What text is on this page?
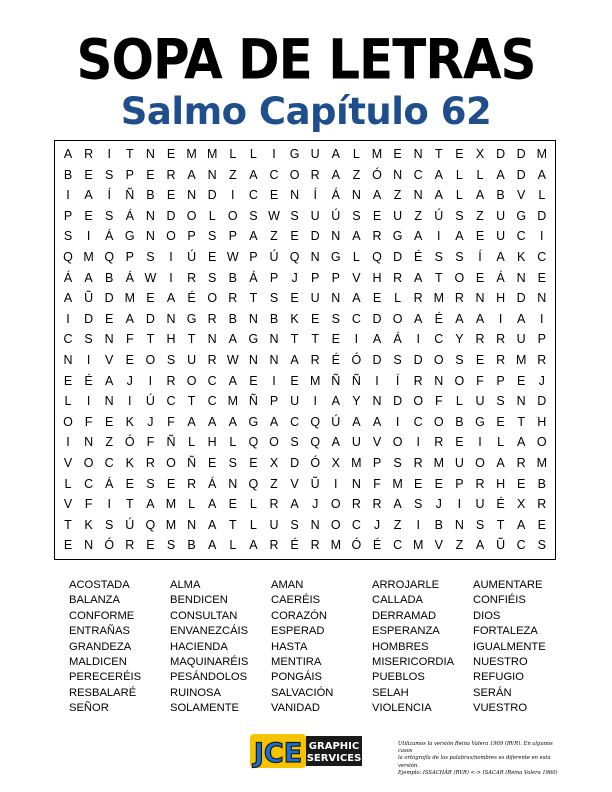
SOPA DE LETRAS
Salmo Capítulo 62
A R	I	T N E M M L	L	I	G U A	L M E N T	E X D D M
B E S P E R A N Z	A C O R A	Z Ó N C A	L	L	A D A
I	A	Í	Ñ B E N D	I	C E N	Í	Á N A	Z N A	L	A B V	L
P E S Á N D O L O S W S U Ú S E U Z Ú S	Z U G D
S	I	Á G N O P S P A	Z	E D N A R G A	I	A E U C	I
Q M Q P S	I	Ú E W P Ú Q N G L Q D É S S	Í	A K C
Á A B Á W	I	R S B Á P	J	P P V H R A	T O E Á N E
A Ũ D M E A É O R T	S E U N A E	L	R M R N H D N
I	D E A D N G R B N B K E S C D O A É A A	I	A	I
C S N F	T H T N A G N T	T	E	I	A Á	I	C Y R R U P
N	I	V E O S U R W N N A R É Ó D S D O S E R M R
E É A	J	I	R O C A E	I	E M Ñ Ñ	I	Í	R N O F	P E	J
L	I	N	I	Ú C T C M Ñ P U	I	A Y N D O F	L	U S N D
O F	E K	J	F	A A A G A C Q Ú A A	I	C O B G E	T H
I	N Z Ó F Ñ	L	H	L Q O S Q A U V O	I	R E	I	L	A O
V O C K R O Ñ E S E X D Ó X M P S R M U O A R M
L	C Á E S E R Á N Q Z	V Ũ	I	N F M E E P R H E B
V	F	I	T	A M L	A E	L	R A	J	O R R A S	J	I	U É X R
T	K S Ú Q M N A	T	L	U S N O C	J	Z	I	B N S	T	A E
E N Ó R E S B A	L	A R É R M Ó É C M V	Z	A Ũ C S
ACOSTADA
BALANZA
CONFORME
ENTRAÑAS
GRANDEZA
MALDICEN
PERECERÉIS
RESBALARÉ
SEÑOR
ALMA
BENDICEN
CONSULTAN
ENVANEZCÁIS
HACIENDA
MAQUINARÉIS
PESÁNDOLOS
RUINOSA
SOLAMENTE
AMAN
CAERÉIS
CORAZÓN
ESPERAD
HASTA
MENTIRA
PONGÁIS
SALVACIÓN
VANIDAD
ARROJARLE
CALLADA
DERRAMAD
ESPERANZA
HOMBRES
MISERICORDIA
PUEBLOS
SELAH
VIOLENCIA
AUMENTARE
CONFIÉIS
DIOS
FORTALEZA
IGUALMENTE
NUESTRO
REFUGIO
SERÁN
VUESTRO
JCE GRAPHIC
SERVICES
Utilizamos la versión Reina Valera 1909 (RVR). En algunos casos
la ortografía de las palabras/nombres es diferente en esta versión.
Ejemplo: ISSACHÀR (RVR) <-> ISACAR (Reina Valera 1960)
